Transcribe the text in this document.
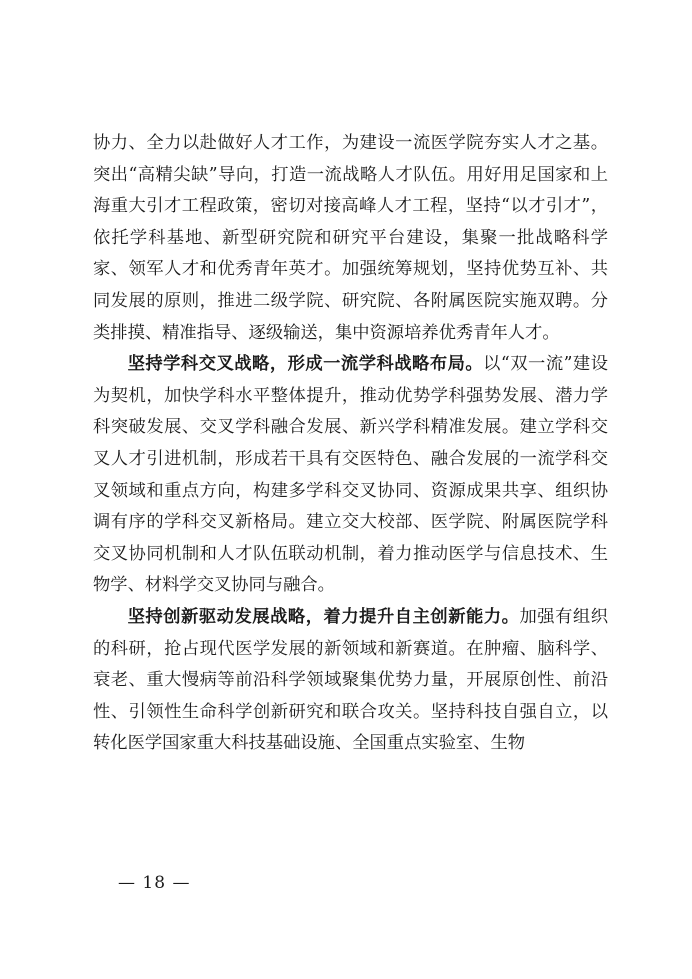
协力、全力以赴做好人才工作，为建设一流医学院夯实人才之基。突出“高精尖缺”导向，打造一流战略人才队伍。用好用足国家和上海重大引才工程政策，密切对接高峰人才工程，坚持“以才引才”，依托学科基地、新型研究院和研究平台建设，集聚一批战略科学家、领军人才和优秀青年英才。加强统筹规划，坚持优势互补、共同发展的原则，推进二级学院、研究院、各附属医院实施双聘。分类排摸、精准指导、逐级输送，集中资源培养优秀青年人才。

坚持学科交叉战略，形成一流学科战略布局。以“双一流”建设为契机，加快学科水平整体提升，推动优势学科强势发展、潜力学科突破发展、交叉学科融合发展、新兴学科精准发展。建立学科交叉人才引进机制，形成若干具有交医特色、融合发展的一流学科交叉领域和重点方向，构建多学科交叉协同、资源成果共享、组织协调有序的学科交叉新格局。建立交大校部、医学院、附属医院学科交叉协同机制和人才队伍联动机制，着力推动医学与信息技术、生物学、材料学交叉协同与融合。

坚持创新驱动发展战略，着力提升自主创新能力。加强有组织的科研，抢占现代医学发展的新领域和新赛道。在肿瘤、脑科学、衰老、重大慢病等前沿科学领域聚集优势力量，开展原创性、前沿性、引领性生命科学创新研究和联合攻关。坚持科技自强自立，以转化医学国家重大科技基础设施、全国重点实验室、生物

— 18 —
